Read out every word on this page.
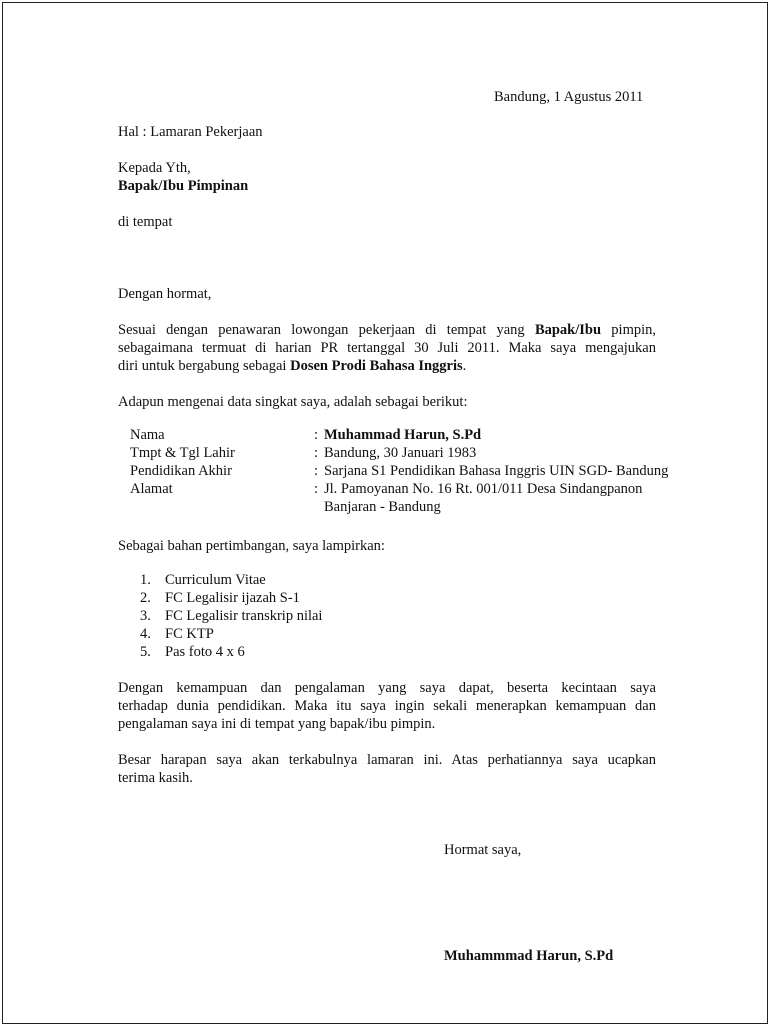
Bandung, 1 Agustus 2011
Hal : Lamaran Pekerjaan
Kepada Yth,
Bapak/Ibu Pimpinan
di tempat
Dengan hormat,
Sesuai dengan penawaran lowongan pekerjaan di tempat yang Bapak/Ibu pimpin,
sebagaimana termuat di harian PR tertanggal 30 Juli 2011. Maka saya mengajukan
diri untuk bergabung sebagai Dosen Prodi Bahasa Inggris.
Adapun mengenai data singkat saya, adalah sebagai berikut:
Nama	: Muhammad Harun, S.Pd
Tmpt & Tgl Lahir	: Bandung, 30 Januari 1983
Pendidikan Akhir	: Sarjana S1 Pendidikan Bahasa Inggris UIN SGD- Bandung
Alamat	: Jl. Pamoyanan No. 16 Rt. 001/011 Desa Sindangpanon
Banjaran - Bandung
Sebagai bahan pertimbangan, saya lampirkan:
1. Curriculum Vitae
2. FC Legalisir ijazah S-1
3. FC Legalisir transkrip nilai
4. FC KTP
5. Pas foto 4 x 6
Dengan kemampuan dan pengalaman yang saya dapat, beserta kecintaan saya
terhadap dunia pendidikan. Maka itu saya ingin sekali menerapkan kemampuan dan
pengalaman saya ini di tempat yang bapak/ibu pimpin.
Besar harapan saya akan terkabulnya lamaran ini. Atas perhatiannya saya ucapkan
terima kasih.
Hormat saya,
Muhammmad Harun, S.Pd
